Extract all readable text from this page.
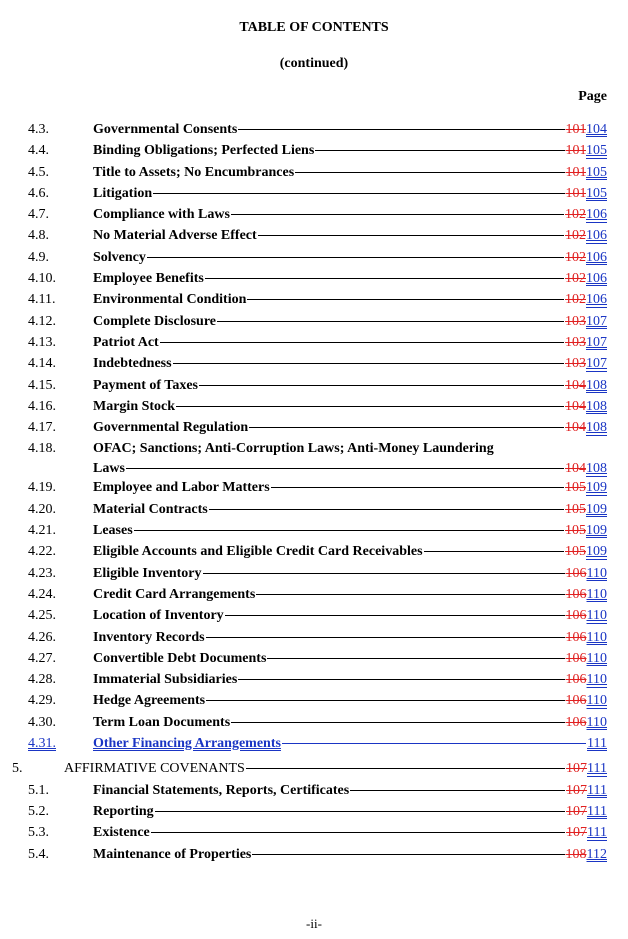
TABLE OF CONTENTS
(continued)
Page
4.3.	Governmental Consents	101104
4.4.	Binding Obligations; Perfected Liens	101105
4.5.	Title to Assets; No Encumbrances	101105
4.6.	Litigation	101105
4.7.	Compliance with Laws	102106
4.8.	No Material Adverse Effect	102106
4.9.	Solvency	102106
4.10.	Employee Benefits	102106
4.11.	Environmental Condition	102106
4.12.	Complete Disclosure	103107
4.13.	Patriot Act	103107
4.14.	Indebtedness	103107
4.15.	Payment of Taxes	104108
4.16.	Margin Stock	104108
4.17.	Governmental Regulation	104108
4.18.	OFAC; Sanctions; Anti-Corruption Laws; Anti-Money Laundering
Laws	104108
4.19.	Employee and Labor Matters	105109
4.20.	Material Contracts	105109
4.21.	Leases	105109
4.22.	Eligible Accounts and Eligible Credit Card Receivables	105109
4.23.	Eligible Inventory	106110
4.24.	Credit Card Arrangements	106110
4.25.	Location of Inventory	106110
4.26.	Inventory Records	106110
4.27.	Convertible Debt Documents	106110
4.28.	Immaterial Subsidiaries	106110
4.29.	Hedge Agreements	106110
4.30.	Term Loan Documents	106110
4.31.	Other Financing Arrangements	111
5.	AFFIRMATIVE COVENANTS	107111
5.1.	Financial Statements, Reports, Certificates	107111
5.2.	Reporting	107111
5.3.	Existence	107111
5.4.	Maintenance of Properties	108112
-ii-
